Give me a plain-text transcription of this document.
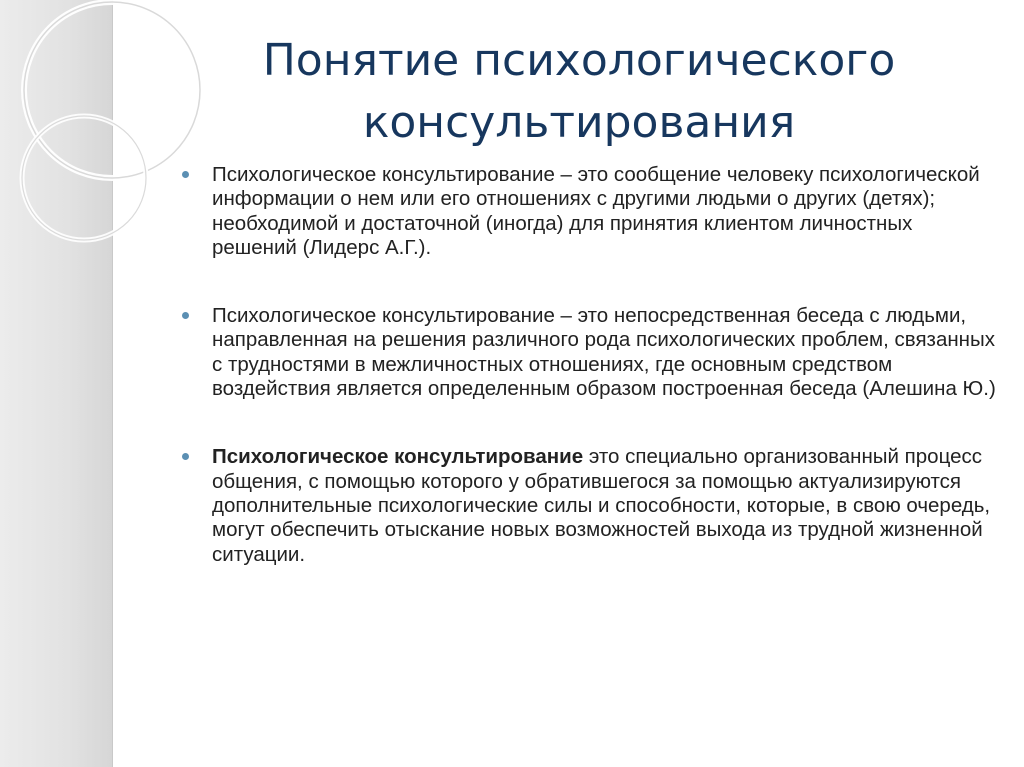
Понятие психологического консультирования
Психологическое консультирование – это сообщение человеку психологической информации о нем или его отношениях с другими людьми о других (детях); необходимой и достаточной (иногда) для принятия клиентом личностных решений (Лидерс А.Г.).
Психологическое консультирование – это непосредственная беседа с людьми, направленная на решения различного рода психологических проблем, связанных с трудностями в межличностных отношениях, где основным средством воздействия является определенным образом построенная беседа (Алешина Ю.)
Психологическое консультирование это специально организованный процесс общения, с помощью которого у обратившегося за помощью актуализируются дополнительные психологические силы и способности, которые, в свою очередь, могут обеспечить отыскание новых возможностей выхода из трудной жизненной ситуации.
